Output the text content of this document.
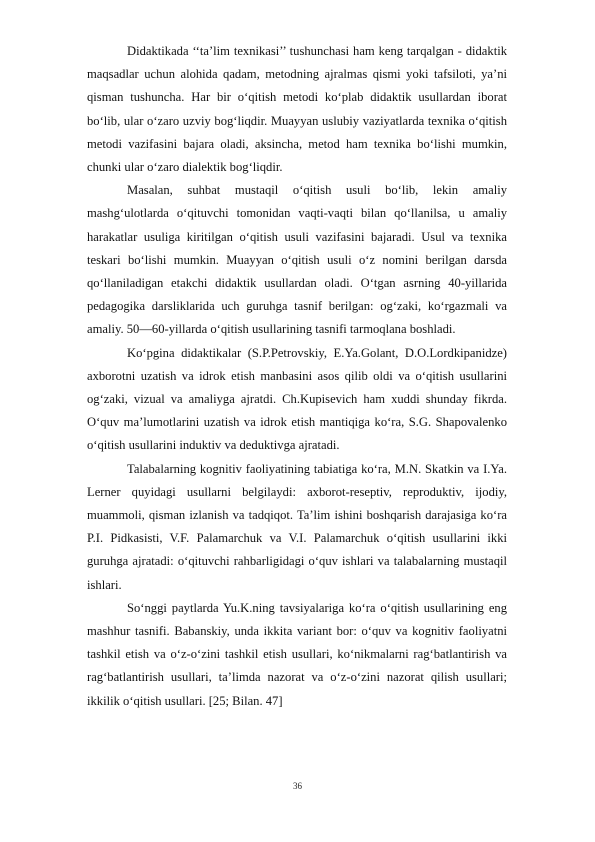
Didaktikada ‘‘ta’lim texnikasi’’ tushunchasi ham keng tarqalgan - didaktik maqsadlar uchun alohida qadam, metodning ajralmas qismi yoki tafsiloti, ya’ni qisman tushuncha. Har bir o‘qitish metodi ko‘plab didaktik usullardan iborat bo‘lib, ular o‘zaro uzviy bog‘liqdir. Muayyan uslubiy vaziyatlarda texnika o‘qitish metodi vazifasini bajara oladi, aksincha, metod ham texnika bo‘lishi mumkin, chunki ular o‘zaro dialektik bog‘liqdir.

Masalan, suhbat mustaqil o‘qitish usuli bo‘lib, lekin amaliy mashg‘ulotlarda o‘qituvchi tomonidan vaqti-vaqti bilan qo‘llanilsa, u amaliy harakatlar usuliga kiritilgan o‘qitish usuli vazifasini bajaradi. Usul va texnika teskari bo‘lishi mumkin. Muayyan o‘qitish usuli o‘z nomini berilgan darsda qo‘llaniladigan etakchi didaktik usullardan oladi. O‘tgan asrning 40-yillarida pedagogika darsliklarida uch guruhga tasnif berilgan: og‘zaki, ko‘rgazmali va amaliy. 50—60-yillarda o‘qitish usullarining tasnifi tarmoqlana boshladi.

Ko‘pgina didaktikalar (S.P.Petrovskiy, E.Ya.Golant, D.O.Lordkipanidze) axborotni uzatish va idrok etish manbasini asos qilib oldi va o‘qitish usullarini og‘zaki, vizual va amaliyga ajratdi. Ch.Kupisevich ham xuddi shunday fikrda. O‘quv ma’lumotlarini uzatish va idrok etish mantiqiga ko‘ra, S.G. Shapovalenko o‘qitish usullarini induktiv va deduktivga ajratadi.

Talabalarning kognitiv faoliyatining tabiatiga ko‘ra, M.N. Skatkin va I.Ya. Lerner quyidagi usullarni belgilaydi: axborot-reseptiv, reproduktiv, ijodiy, muammoli, qisman izlanish va tadqiqot. Ta’lim ishini boshqarish darajasiga ko‘ra P.I. Pidkasisti, V.F. Palamarchuk va V.I. Palamarchuk o‘qitish usullarini ikki guruhga ajratadi: o‘qituvchi rahbarligidagi o‘quv ishlari va talabalarning mustaqil ishlari.

So‘nggi paytlarda Yu.K.ning tavsiyalariga ko‘ra o‘qitish usullarining eng mashhur tasnifi. Babanskiy, unda ikkita variant bor: o‘quv va kognitiv faoliyatni tashkil etish va o‘z-o‘zini tashkil etish usullari, ko‘nikmalarni rag‘batlantirish va rag‘batlantirish usullari, ta’limda nazorat va o‘z-o‘zini nazorat qilish usullari; ikkilik o‘qitish usullari. [25; Bilan. 47]

36
